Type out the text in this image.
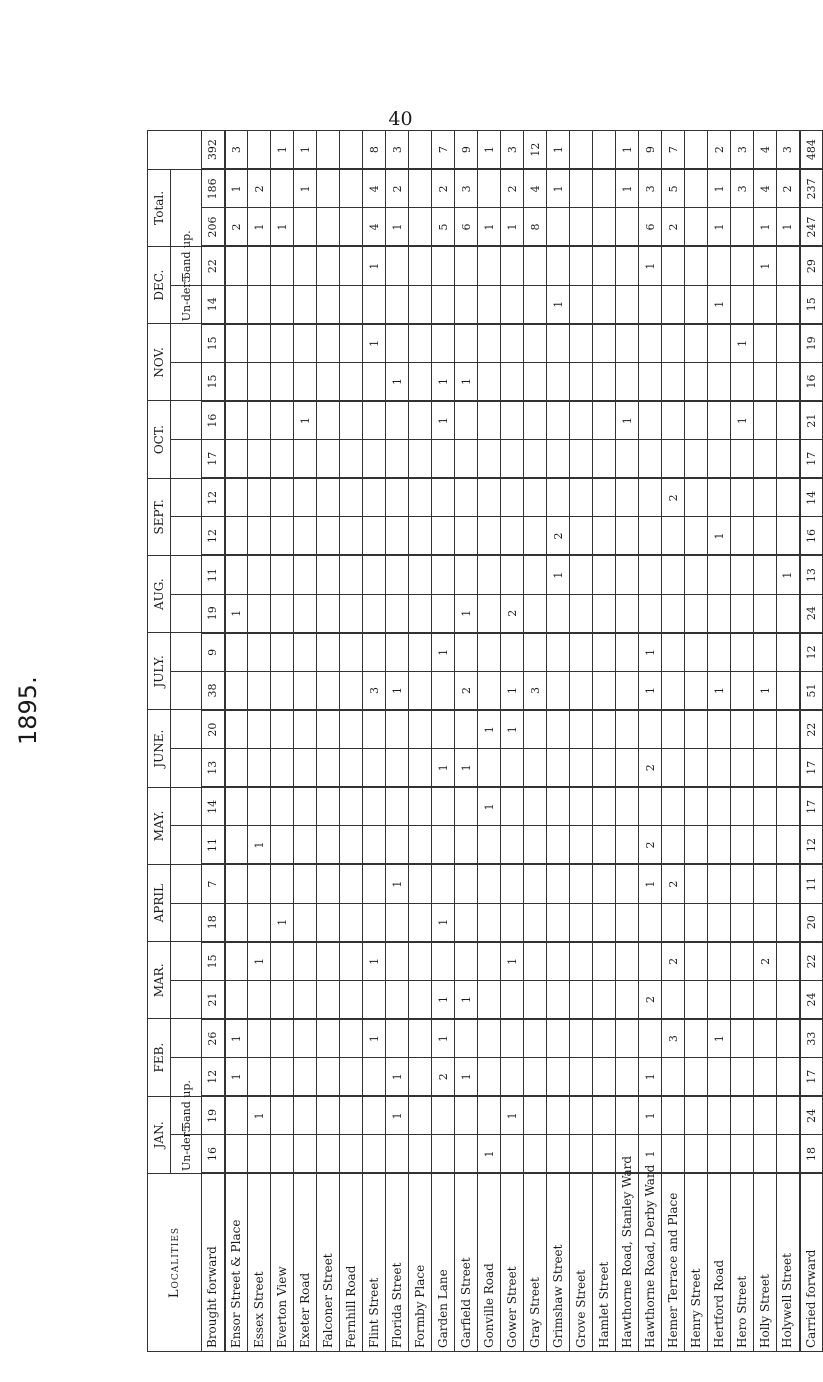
40
1895.
Localities	JAN.		FEB.		MAR.		APRIL		MAY.		JUNE.		JULY.		AUG.		SEPT.		OCT.		NOV.		DEC.		Total.		
	Un-der 5	5 and up.																					Un-der 5	5 and up.			
Brought forward	16	19	12	26	21	15	18	7	11	14	13	20	38	9	19	11	12	12	17	16	15	15	14	22	206	186	392
Ensor Street & Place			1	1											1										2	1	3
Essex Street		1				1			1																1	2	
Everton View							1																		1		1
Exeter Road																				1						1	1
Falconer Street																											
Fernhill Road																											
Flint Street				1		1							3									1		1	4	4	8
Florida Street		1	1					1					1								1				1	2	3
Formby Place																											
Garden Lane			2	1	1		1				1			1						1	1				5	2	7
Garfield Street			1		1						1		2		1						1				6	3	9
Gonville Road	1									1		1													1		1
Gower Street		1				1						1	1		2										1	2	3
Gray Street													3												8	4	12
Grimshaw Street																1	2						1			1	1
Grove Street																											
Hamlet Street																											
Hawthorne Road, Stanley Ward																				1						1	1
Hawthorne Road, Derby Ward	1	1	1		2			1	2		2		1	1										1	6	3	9
Hemer Terrace and Place				3		2		2										2							2	5	7
Henry Street																											
Hertford Road				1									1				1						1		1	1	2
Hero Street																				1		1				3	3
Holly Street						2							1											1	1	4	4
Holywell Street																1									1	2	3
Carried forward	18	24	17	33	24	22	20	11	12	17	17	22	51	12	24	13	16	14	17	21	16	19	15	29	247	237	484
